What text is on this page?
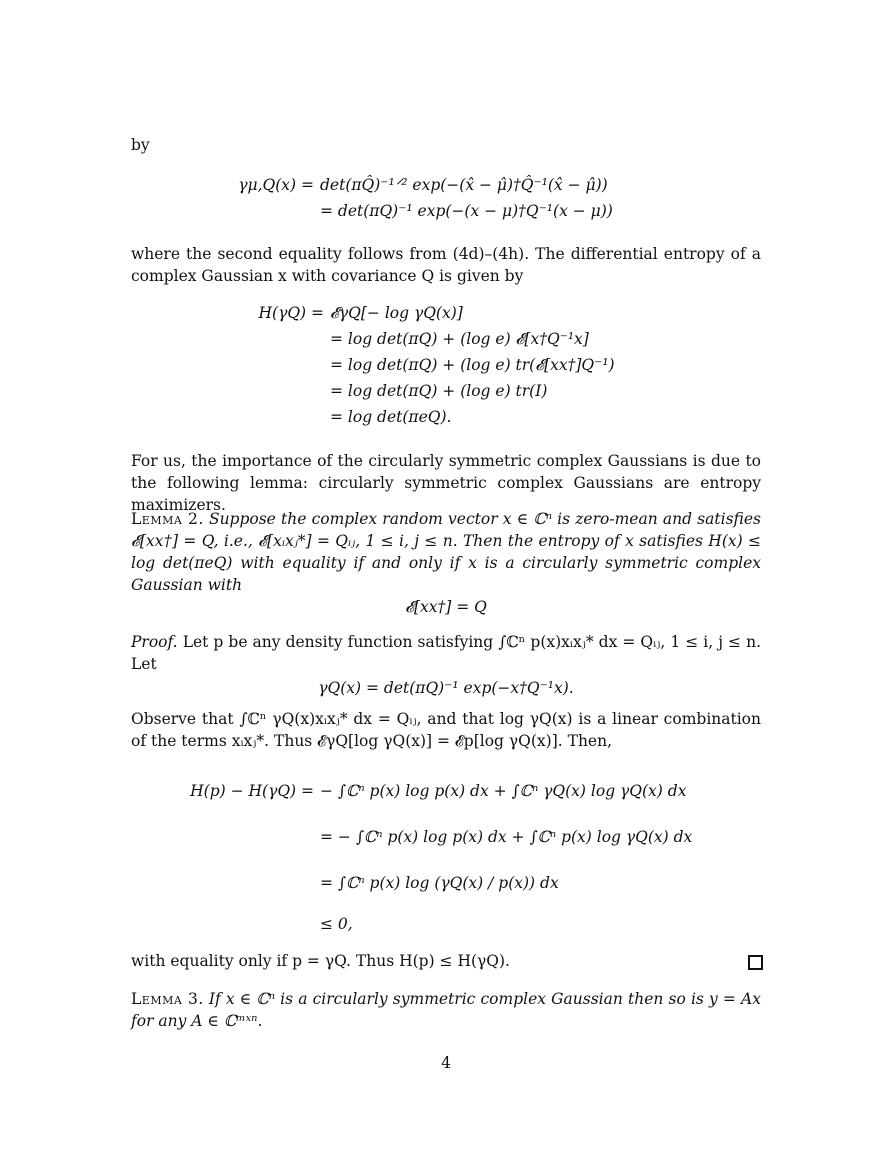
by
γμ,Q(x) = det(πQ̂)⁻¹ᐟ² exp(−(x̂ − μ̂)†Q̂⁻¹(x̂ − μ̂))
= det(πQ)⁻¹ exp(−(x − μ)†Q⁻¹(x − μ))
where the second equality follows from (4d)–(4h). The differential entropy of a complex Gaussian x with covariance Q is given by
H(γQ) = 𝓔γQ[− log γQ(x)]
= log det(πQ) + (log e) 𝓔[x†Q⁻¹x]
= log det(πQ) + (log e) tr(𝓔[xx†]Q⁻¹)
= log det(πQ) + (log e) tr(I)
= log det(πeQ).
For us, the importance of the circularly symmetric complex Gaussians is due to the following lemma: circularly symmetric complex Gaussians are entropy maximizers.
Lemma 2. Suppose the complex random vector x ∈ ℂⁿ is zero-mean and satisfies 𝓔[xx†] = Q, i.e., 𝓔[xᵢxⱼ*] = Qᵢⱼ, 1 ≤ i, j ≤ n. Then the entropy of x satisfies H(x) ≤ log det(πeQ) with equality if and only if x is a circularly symmetric complex Gaussian with
𝓔[xx†] = Q
Proof. Let p be any density function satisfying ∫ℂⁿ p(x)xᵢxⱼ* dx = Qᵢⱼ, 1 ≤ i, j ≤ n. Let
γQ(x) = det(πQ)⁻¹ exp(−x†Q⁻¹x).
Observe that ∫ℂⁿ γQ(x)xᵢxⱼ* dx = Qᵢⱼ, and that log γQ(x) is a linear combination of the terms xᵢxⱼ*. Thus 𝓔γQ[log γQ(x)] = 𝓔p[log γQ(x)]. Then,
H(p) − H(γQ) = − ∫ℂⁿ p(x) log p(x) dx + ∫ℂⁿ γQ(x) log γQ(x) dx
= − ∫ℂⁿ p(x) log p(x) dx + ∫ℂⁿ p(x) log γQ(x) dx
= ∫ℂⁿ p(x) log (γQ(x) / p(x)) dx
≤ 0,
with equality only if p = γQ. Thus H(p) ≤ H(γQ).
Lemma 3. If x ∈ ℂⁿ is a circularly symmetric complex Gaussian then so is y = Ax for any A ∈ ℂᵐˣⁿ.
4
